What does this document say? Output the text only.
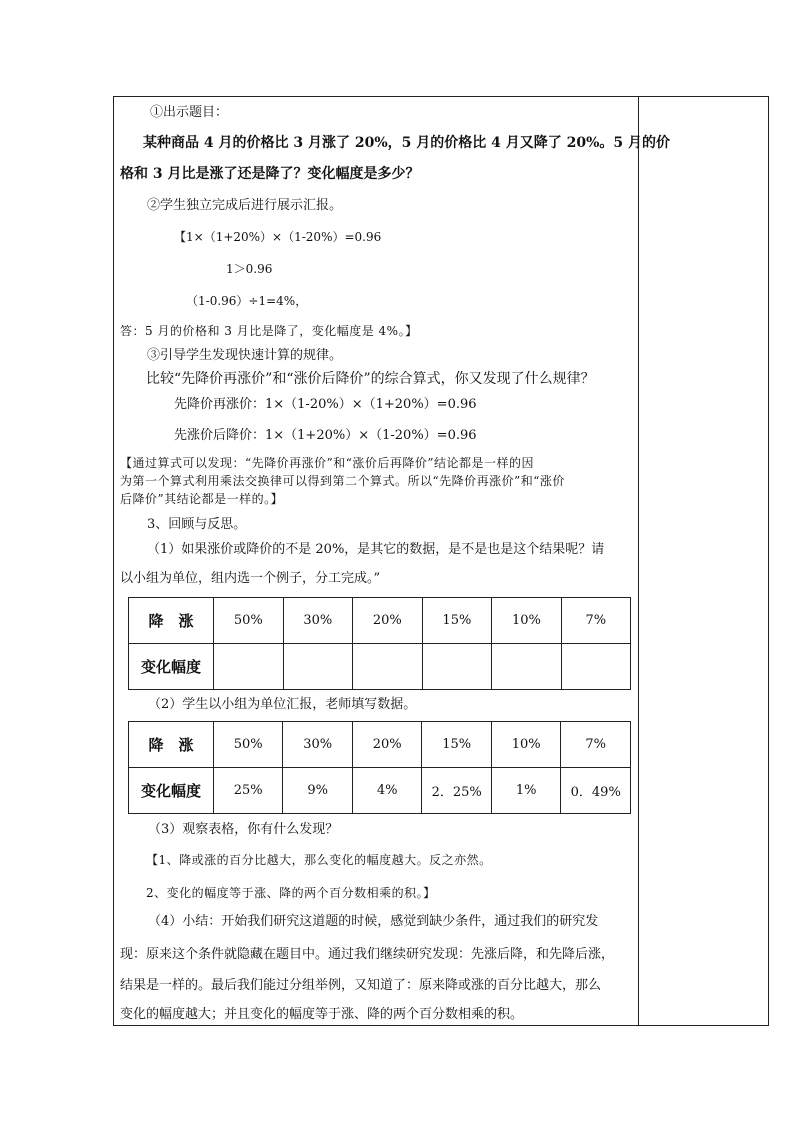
①出示题目：
某种商品 4 月的价格比 3 月涨了 20%，5 月的价格比 4 月又降了 20%。5 月的价
格和 3 月比是涨了还是降了？变化幅度是多少？
②学生独立完成后进行展示汇报。
【1×（1+20%）×（1-20%）=0.96
1＞0.96
（1-0.96）÷1=4%，
答：5 月的价格和 3 月比是降了，变化幅度是 4%。】
③引导学生发现快速计算的规律。
比较“先降价再涨价”和“涨价后降价”的综合算式，你又发现了什么规律？
先降价再涨价：1×（1-20%）×（1+20%）=0.96
先涨价后降价：1×（1+20%）×（1-20%）=0.96
【通过算式可以发现：“先降价再涨价”和“涨价后再降价”结论都是一样的因
为第一个算式利用乘法交换律可以得到第二个算式。所以“先降价再涨价”和“涨价
后降价”其结论都是一样的。】
3、回顾与反思。
（1）如果涨价或降价的不是 20%，是其它的数据，是不是也是这个结果呢？请
以小组为单位，组内选一个例子，分工完成。”
降　涨	50%	30%	20%	15%	10%	7%
变化幅度						
（2）学生以小组为单位汇报，老师填写数据。
降　涨	50%	30%	20%	15%	10%	7%
变化幅度	25%	9%	4%	2．25%	1%	0．49%
（3）观察表格，你有什么发现？
【1、降或涨的百分比越大，那么变化的幅度越大。反之亦然。
2、变化的幅度等于涨、降的两个百分数相乘的积。】
（4）小结：开始我们研究这道题的时候，感觉到缺少条件，通过我们的研究发
现：原来这个条件就隐藏在题目中。通过我们继续研究发现：先涨后降，和先降后涨，
结果是一样的。最后我们能过分组举例，又知道了：原来降或涨的百分比越大，那么
变化的幅度越大；并且变化的幅度等于涨、降的两个百分数相乘的积。
